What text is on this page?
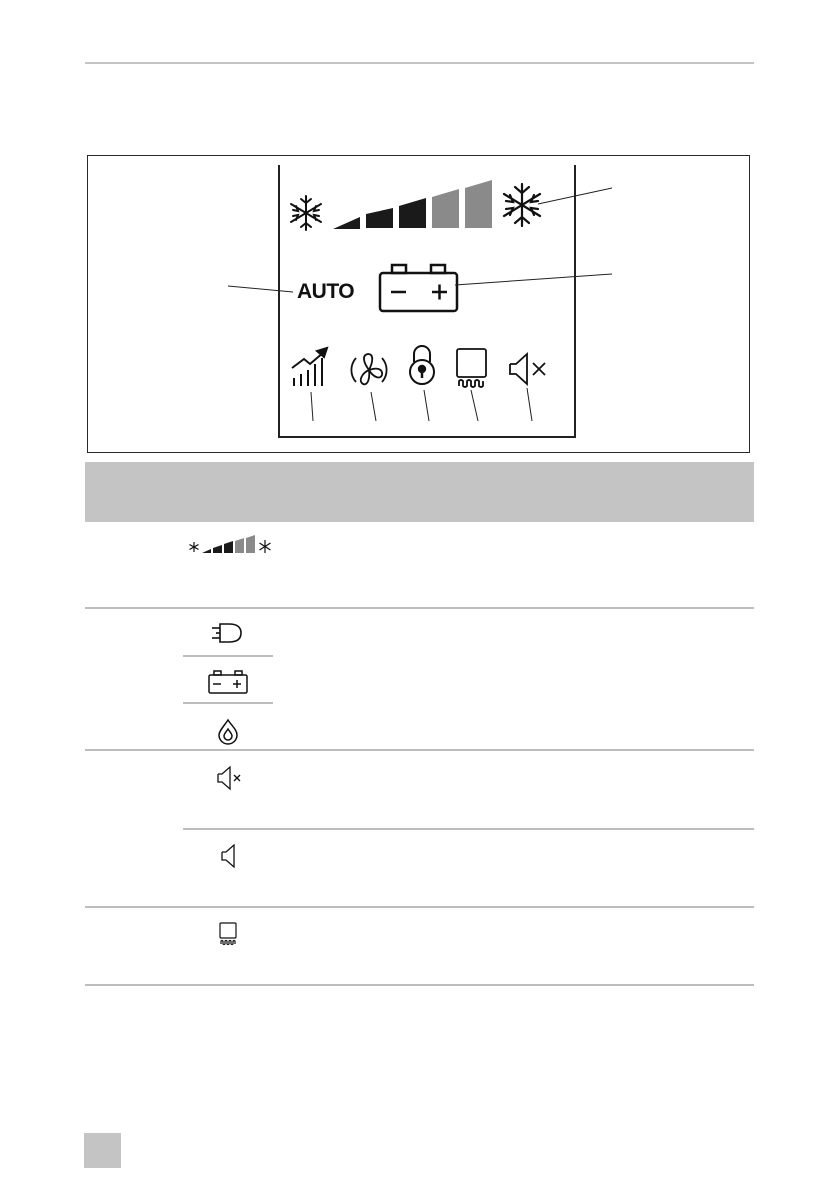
AUTO
